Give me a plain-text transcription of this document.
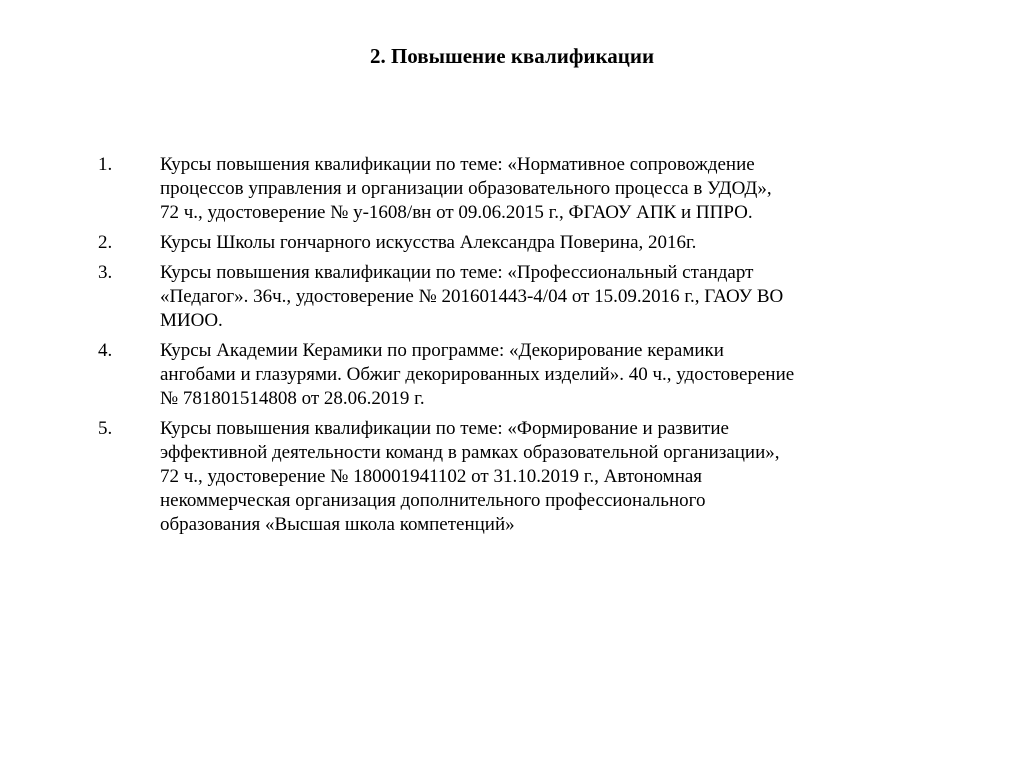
2. Повышение квалификации
1.	Курсы повышения квалификации по теме: «Нормативное сопровождение
процессов управления и организации образовательного процесса в УДОД»,
72 ч., удостоверение № у-1608/вн от 09.06.2015 г., ФГАОУ АПК и ППРО.
2.	Курсы Школы гончарного искусства Александра Поверина, 2016г.
3.	Курсы повышения квалификации по теме: «Профессиональный стандарт
«Педагог». 36ч., удостоверение № 201601443-4/04 от 15.09.2016 г., ГАОУ ВО
МИОО.
4.	Курсы Академии Керамики по программе: «Декорирование керамики
ангобами и глазурями. Обжиг декорированных изделий». 40 ч., удостоверение
№ 781801514808 от 28.06.2019 г.
5.	Курсы повышения квалификации по теме: «Формирование и развитие
эффективной деятельности команд в рамках образовательной организации»,
72 ч., удостоверение № 180001941102 от 31.10.2019 г., Автономная
некоммерческая организация дополнительного профессионального
образования «Высшая школа компетенций»
